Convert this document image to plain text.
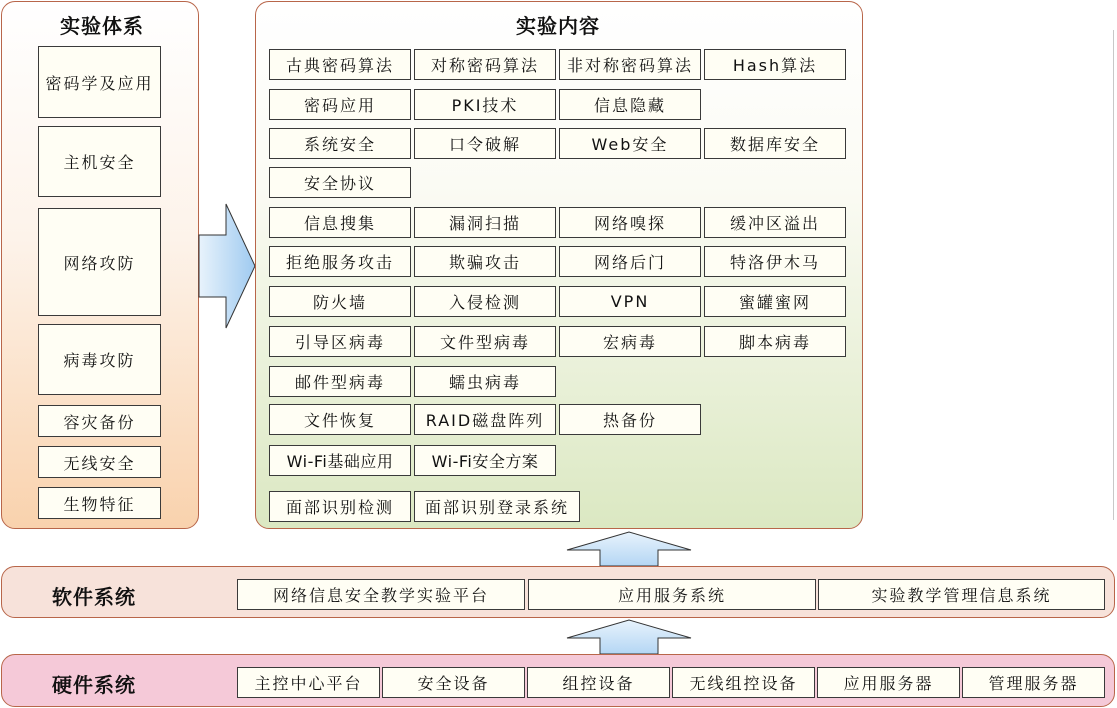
实验体系
密码学及应用
主机安全
网络攻防
病毒攻防
容灾备份
无线安全
生物特征
实验内容
古典密码算法	对称密码算法	非对称密码算法	Hash算法
密码应用	PKI技术	信息隐藏
系统安全	口令破解	Web安全	数据库安全
安全协议
信息搜集	漏洞扫描	网络嗅探	缓冲区溢出
拒绝服务攻击	欺骗攻击	网络后门	特洛伊木马
防火墙	入侵检测	VPN	蜜罐蜜网
引导区病毒	文件型病毒	宏病毒	脚本病毒
邮件型病毒	蠕虫病毒
文件恢复	RAID磁盘阵列	热备份
Wi-Fi基础应用	Wi-Fi安全方案
面部识别检测	面部识别登录系统
软件系统	网络信息安全教学实验平台	应用服务系统	实验教学管理信息系统
硬件系统	主控中心平台	安全设备	组控设备	无线组控设备	应用服务器	管理服务器
